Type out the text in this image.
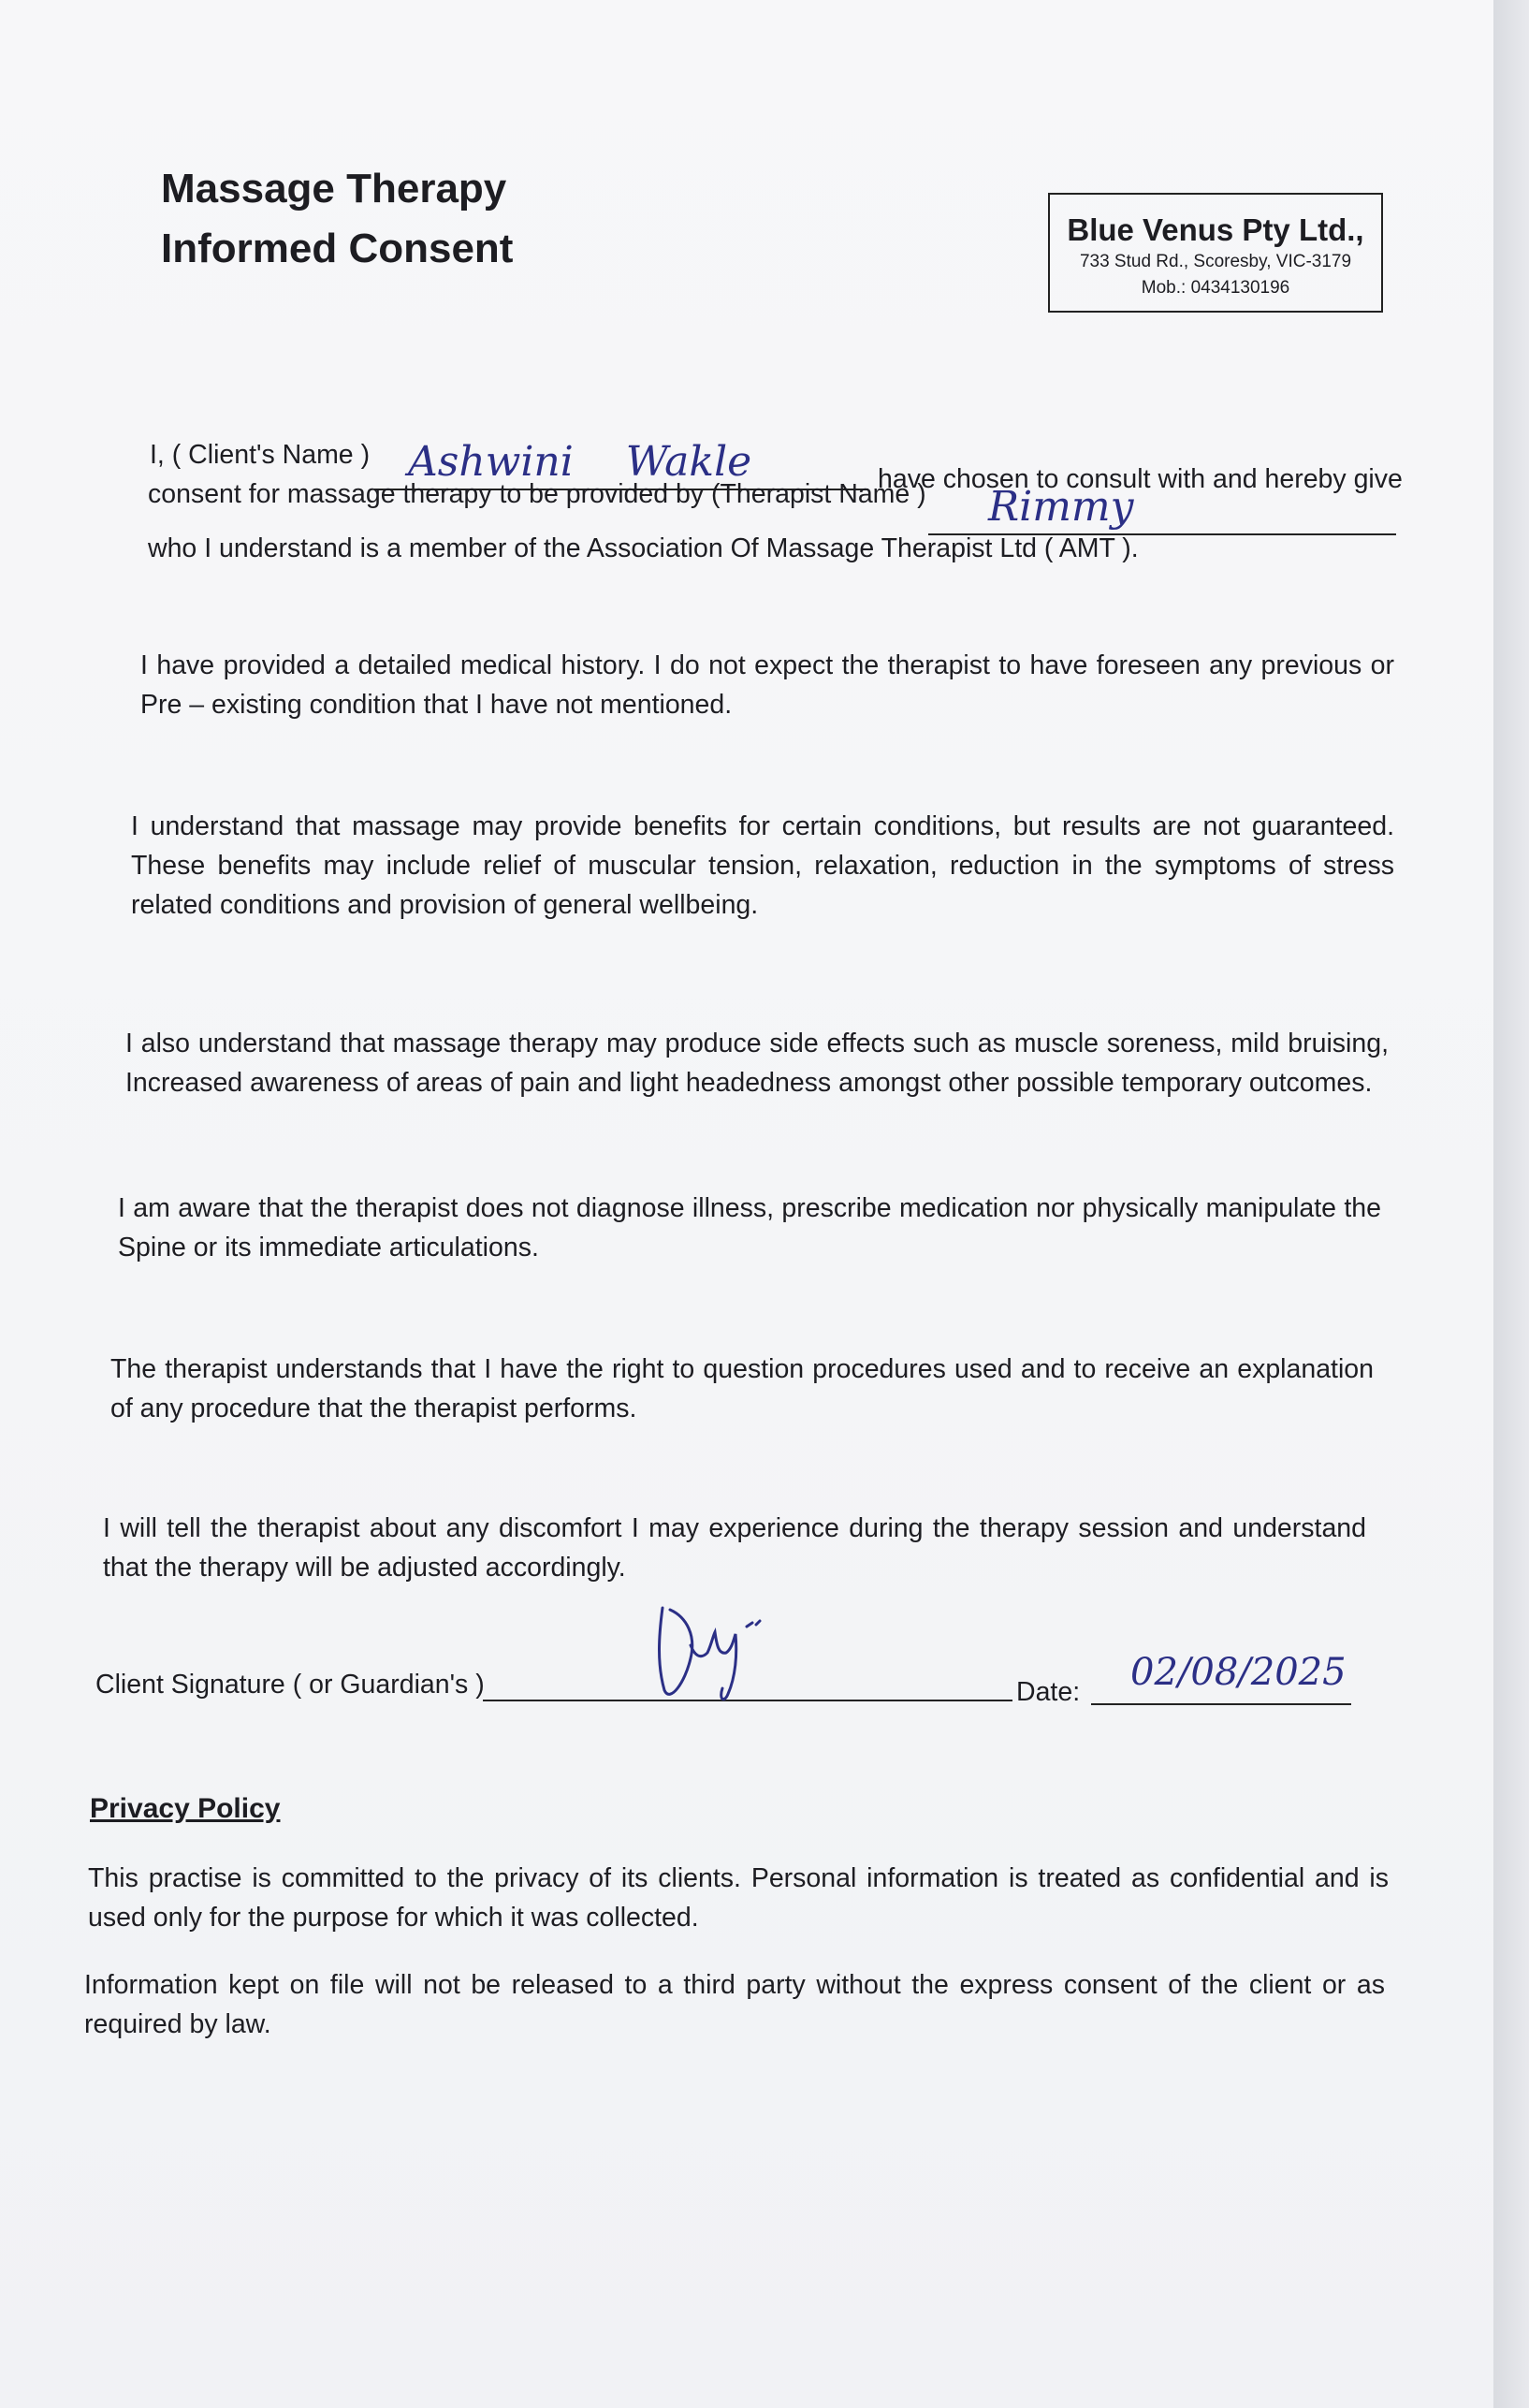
Massage Therapy
Informed Consent	Blue Venus Pty Ltd.,
733 Stud Rd., Scoresby, VIC-3179
Mob.: 0434130196
I, ( Client's Name ) Ashwini    Wakle	have chosen to consult with and hereby give
consent for massage therapy to be provided by (Therapist Name ) Rimmy
who I understand is a member of the Association Of Massage Therapist Ltd ( AMT ).
I have provided a detailed medical history. I do not expect the therapist to have foreseen any previous or Pre – existing condition that I have not mentioned.
I understand that massage may provide benefits for certain conditions, but results are not guaranteed. These benefits may include relief of muscular tension, relaxation, reduction in the symptoms of stress related conditions and provision of general wellbeing.
I also understand that massage therapy may produce side effects such as muscle soreness, mild bruising, Increased awareness of areas of pain and light headedness amongst other possible temporary outcomes.
I am aware that the therapist does not diagnose illness, prescribe medication nor physically manipulate the Spine or its immediate articulations.
The therapist understands that I have the right to question procedures used and to receive an explanation of any procedure that the therapist performs.
I will tell the therapist about any discomfort I may experience during the therapy session and understand that the therapy will be adjusted accordingly.
Client Signature ( or Guardian's )	Date: 02/08/2025
Privacy Policy
This practise is committed to the privacy of its clients. Personal information is treated as confidential and is used only for the purpose for which it was collected.
Information kept on file will not be released to a third party without the express consent of the client or as required by law.
